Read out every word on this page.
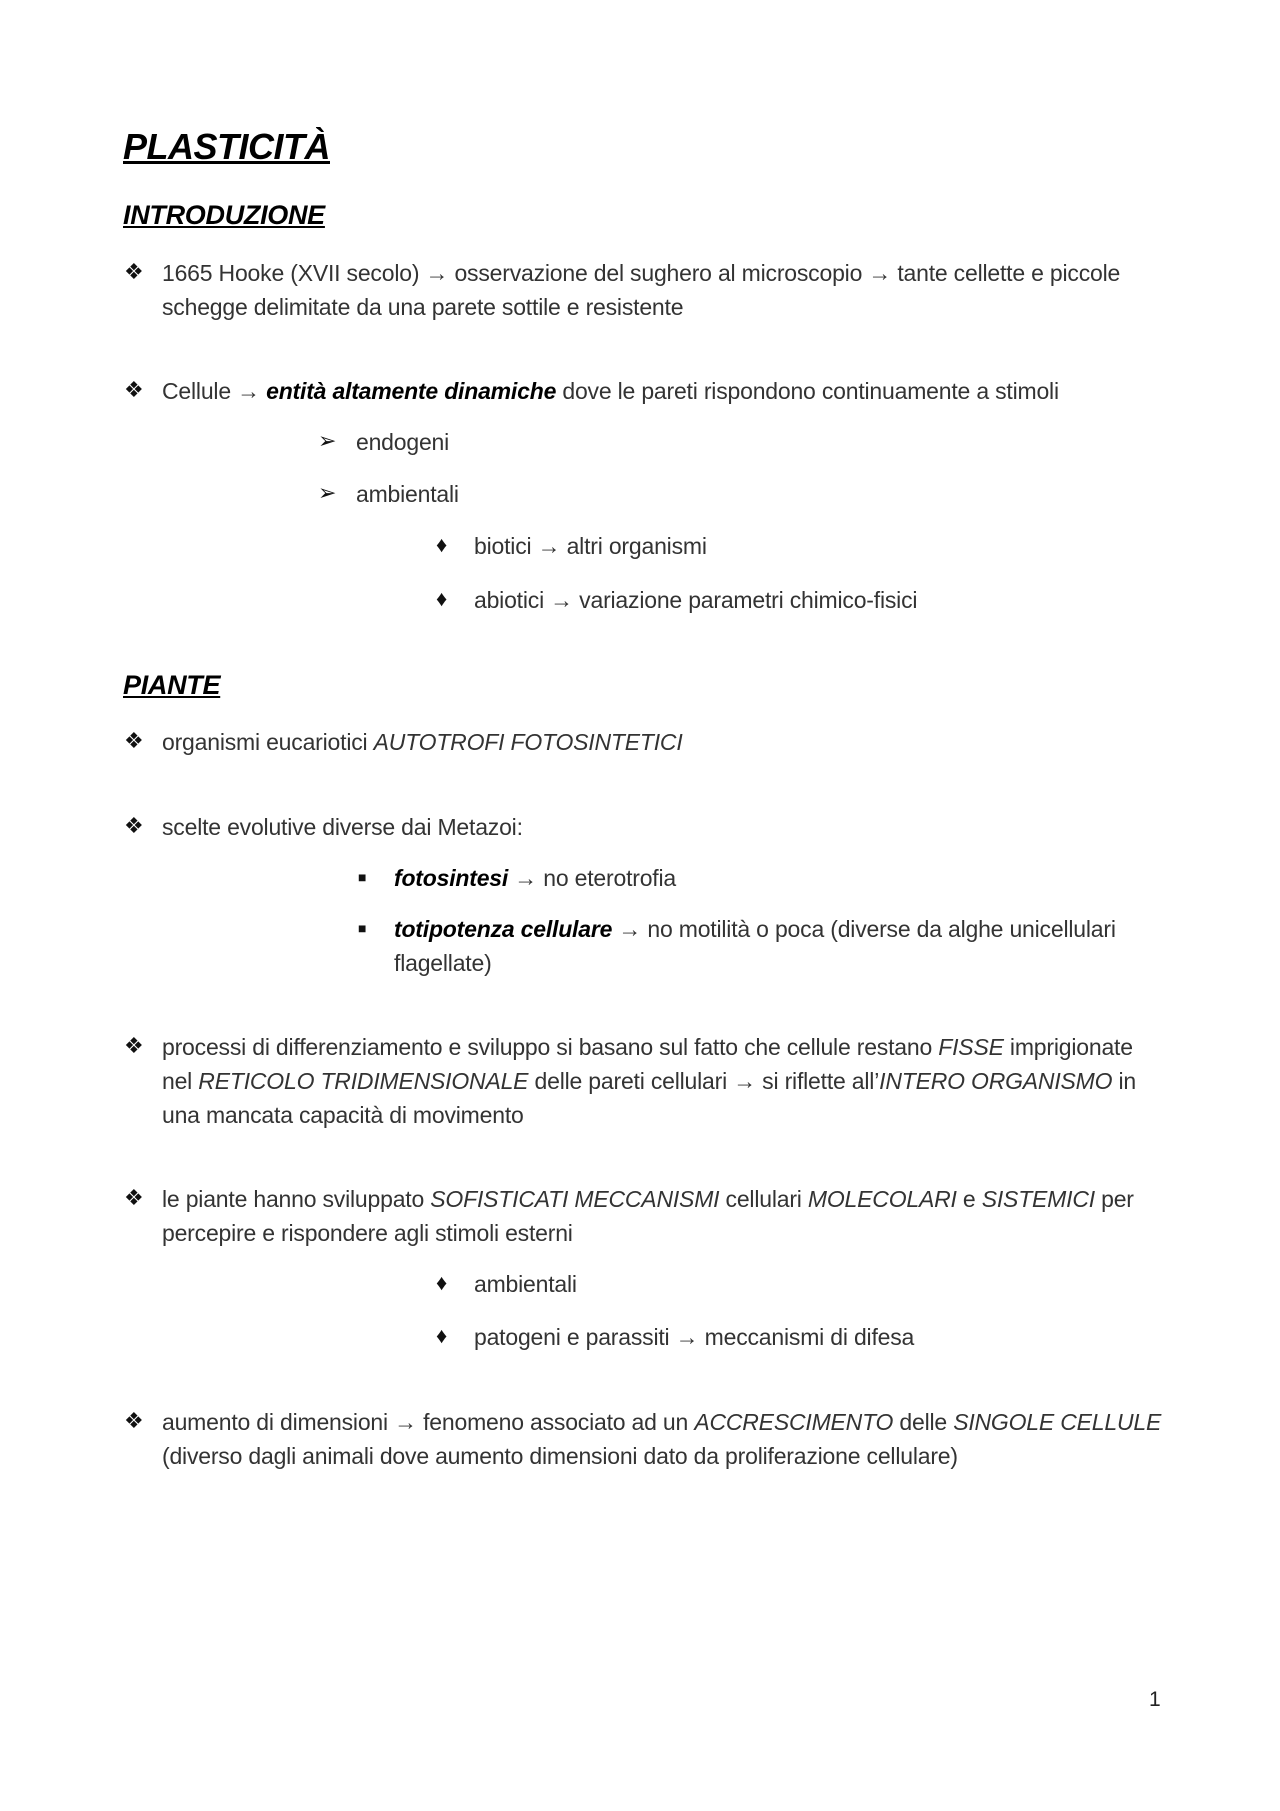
PLASTICITÀ
INTRODUZIONE
❖ 1665 Hooke (XVII secolo) → osservazione del sughero al microscopio → tante cellette e piccole
schegge delimitate da una parete sottile e resistente
❖ Cellule → entità altamente dinamiche dove le pareti rispondono continuamente a stimoli
➢ endogeni
➢ ambientali
♦ biotici → altri organismi
♦ abiotici → variazione parametri chimico-fisici
PIANTE
❖ organismi eucariotici AUTOTROFI FOTOSINTETICI
❖ scelte evolutive diverse dai Metazoi:
■ fotosintesi → no eterotrofia
■ totipotenza cellulare → no motilità o poca (diverse da alghe unicellulari
flagellate)
❖ processi di differenziamento e sviluppo si basano sul fatto che cellule restano FISSE imprigionate
nel RETICOLO TRIDIMENSIONALE delle pareti cellulari → si riflette all’INTERO ORGANISMO in
una mancata capacità di movimento
❖ le piante hanno sviluppato SOFISTICATI MECCANISMI cellulari MOLECOLARI e SISTEMICI per
percepire e rispondere agli stimoli esterni
♦ ambientali
♦ patogeni e parassiti → meccanismi di difesa
❖ aumento di dimensioni → fenomeno associato ad un ACCRESCIMENTO delle SINGOLE CELLULE
(diverso dagli animali dove aumento dimensioni dato da proliferazione cellulare)
1
